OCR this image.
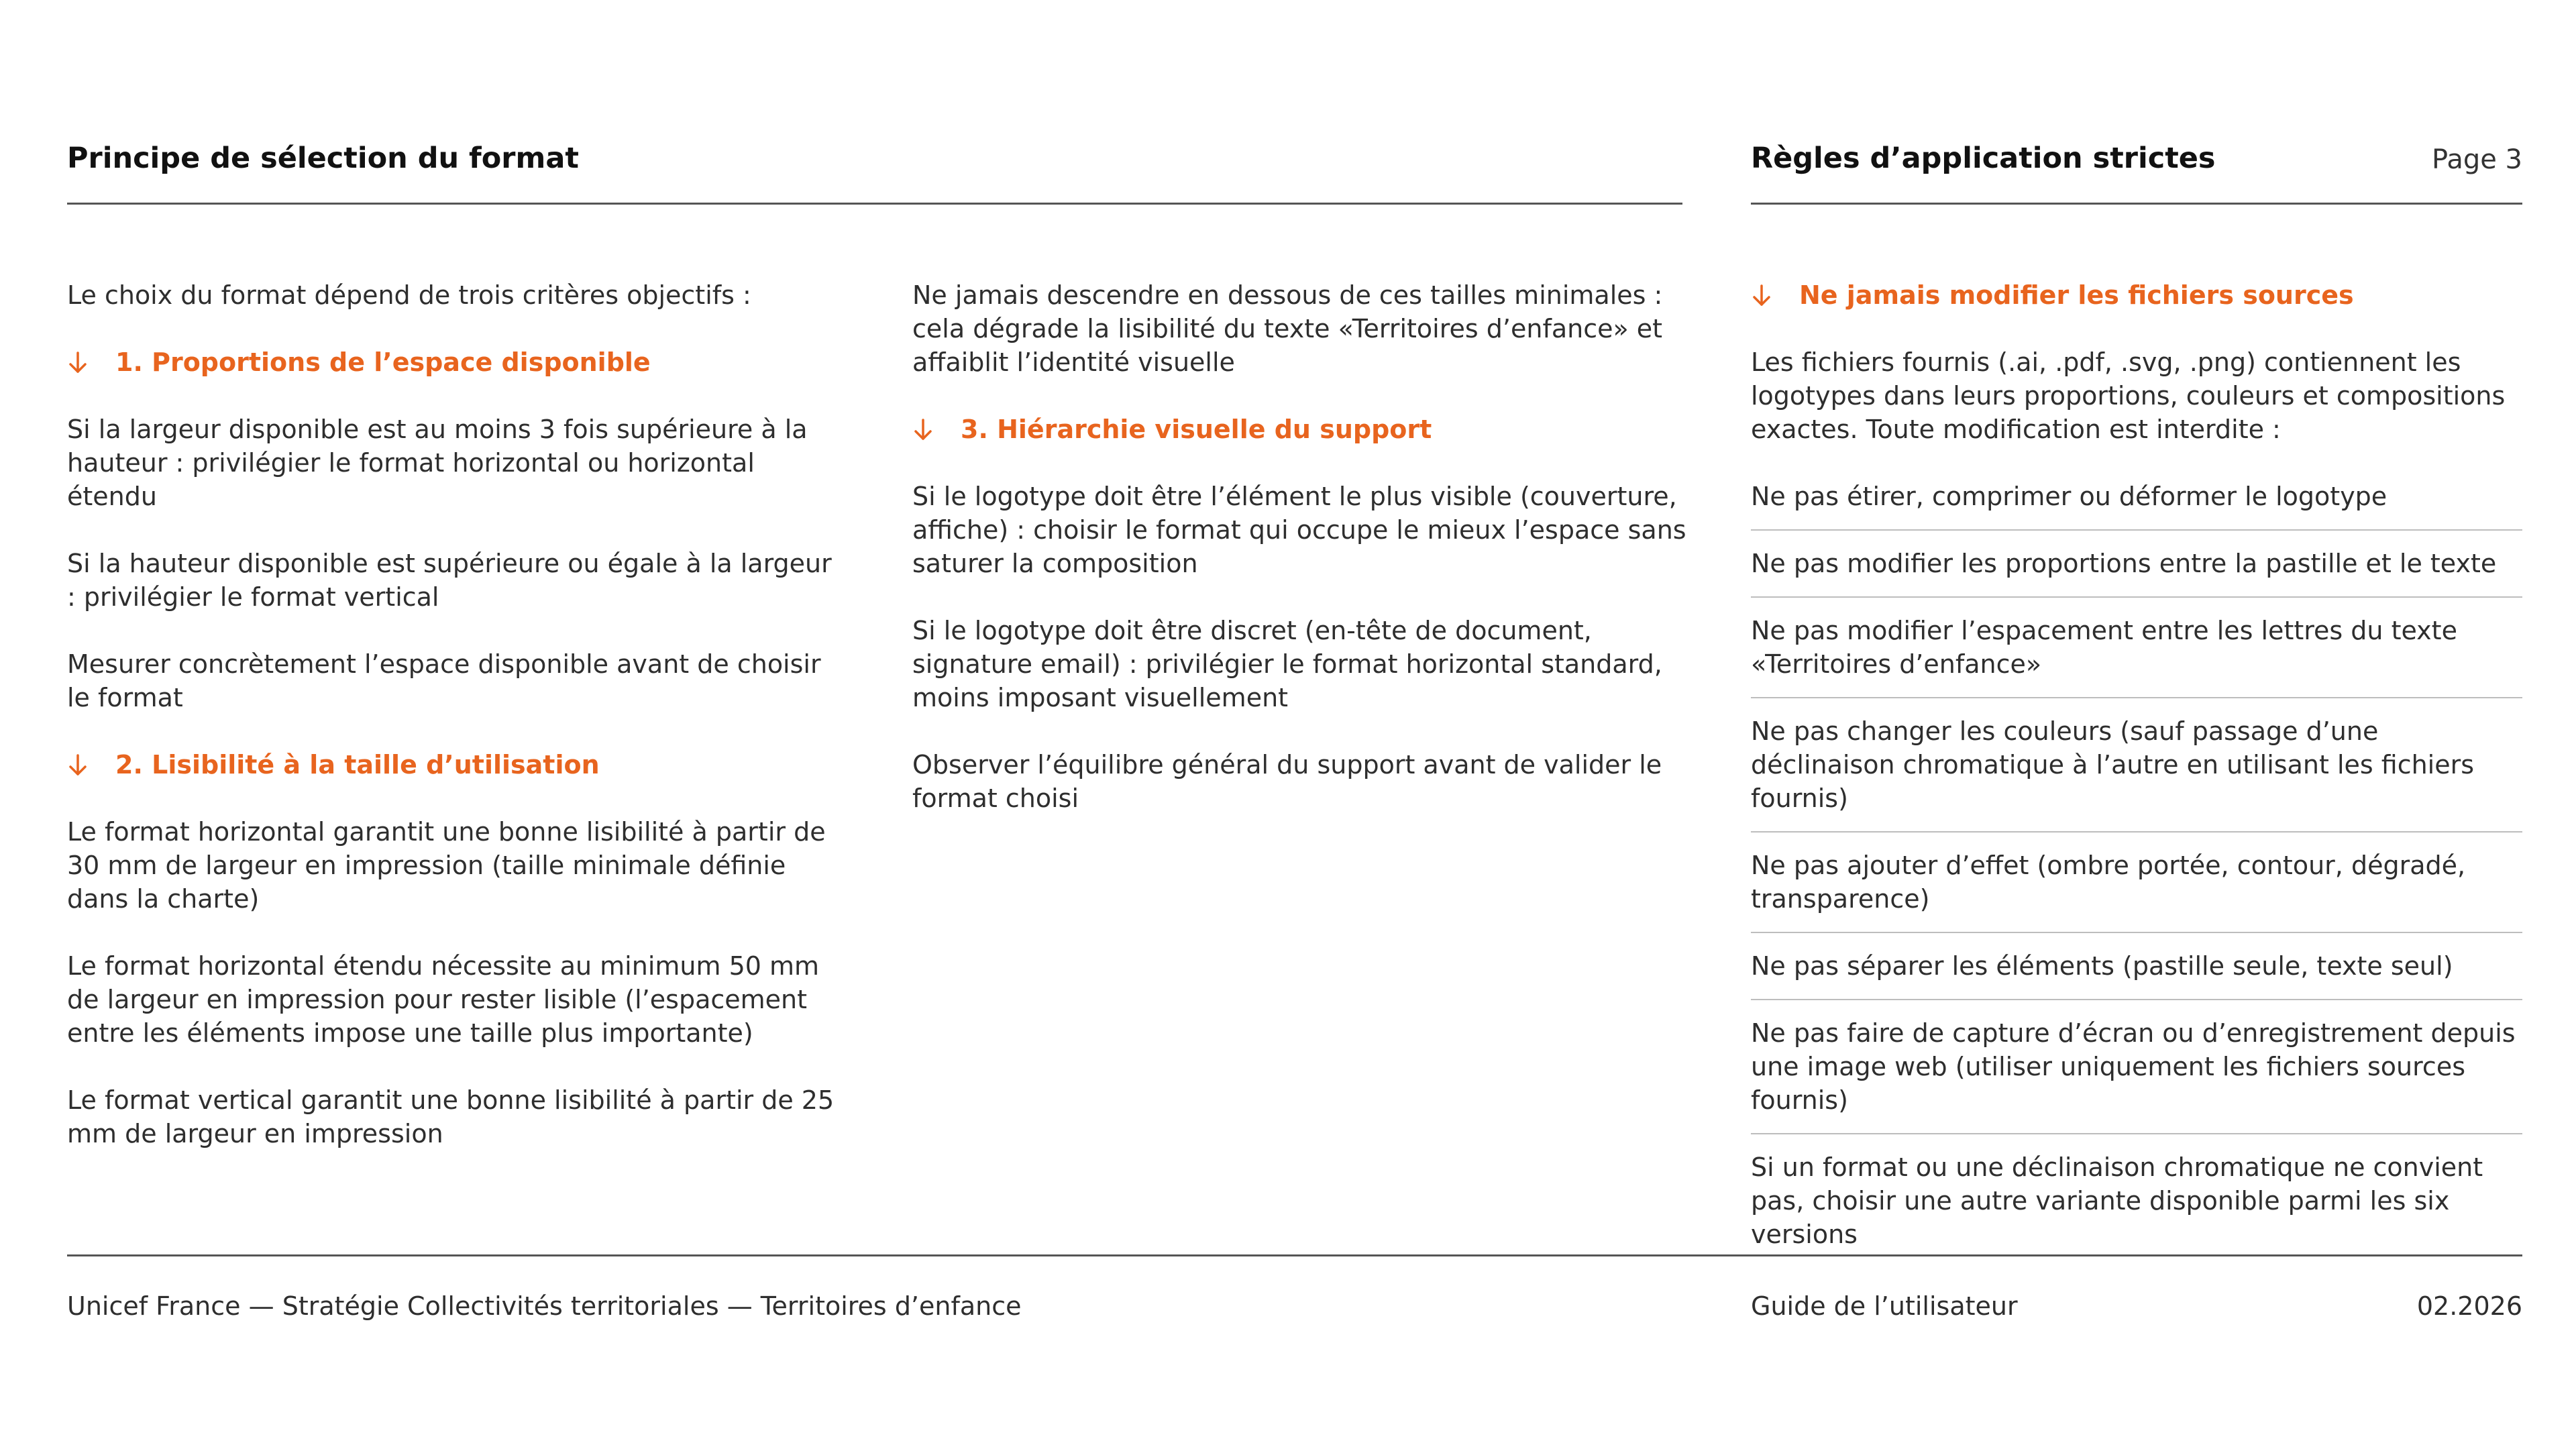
Principe de sélection du format	Règles d’application strictes	Page 3

Le choix du format dépend de trois critères objectifs :

1. Proportions de l’espace disponible

Si la largeur disponible est au moins 3 fois supérieure à la hauteur : privilégier le format horizontal ou horizontal étendu

Si la hauteur disponible est supérieure ou égale à la largeur : privilégier le format vertical

Mesurer concrètement l’espace disponible avant de choisir le format

2. Lisibilité à la taille d’utilisation

Le format horizontal garantit une bonne lisibilité à partir de 30 mm de largeur en impression (taille minimale définie dans la charte)

Le format horizontal étendu nécessite au minimum 50 mm de largeur en impression pour rester lisible (l’espacement entre les éléments impose une taille plus importante)

Le format vertical garantit une bonne lisibilité à partir de 25 mm de largeur en impression

Ne jamais descendre en dessous de ces tailles minimales : cela dégrade la lisibilité du texte «Territoires d’enfance» et affaiblit l’identité visuelle

3. Hiérarchie visuelle du support

Si le logotype doit être l’élément le plus visible (couverture, affiche) : choisir le format qui occupe le mieux l’espace sans saturer la composition

Si le logotype doit être discret (en-tête de document, signature email) : privilégier le format horizontal standard, moins imposant visuellement

Observer l’équilibre général du support avant de valider le format choisi

Ne jamais modifier les fichiers sources

Les fichiers fournis (.ai, .pdf, .svg, .png) contiennent les logotypes dans leurs proportions, couleurs et compositions exactes. Toute modification est interdite :

Ne pas étirer, comprimer ou déformer le logotype
Ne pas modifier les proportions entre la pastille et le texte
Ne pas modifier l’espacement entre les lettres du texte «Territoires d’enfance»
Ne pas changer les couleurs (sauf passage d’une déclinaison chromatique à l’autre en utilisant les fichiers fournis)
Ne pas ajouter d’effet (ombre portée, contour, dégradé, transparence)
Ne pas séparer les éléments (pastille seule, texte seul)
Ne pas faire de capture d’écran ou d’enregistrement depuis une image web (utiliser uniquement les fichiers sources fournis)
Si un format ou une déclinaison chromatique ne convient pas, choisir une autre variante disponible parmi les six versions
Unicef France — Stratégie Collectivités territoriales — Territoires d’enfance	Guide de l’utilisateur	02.2026
